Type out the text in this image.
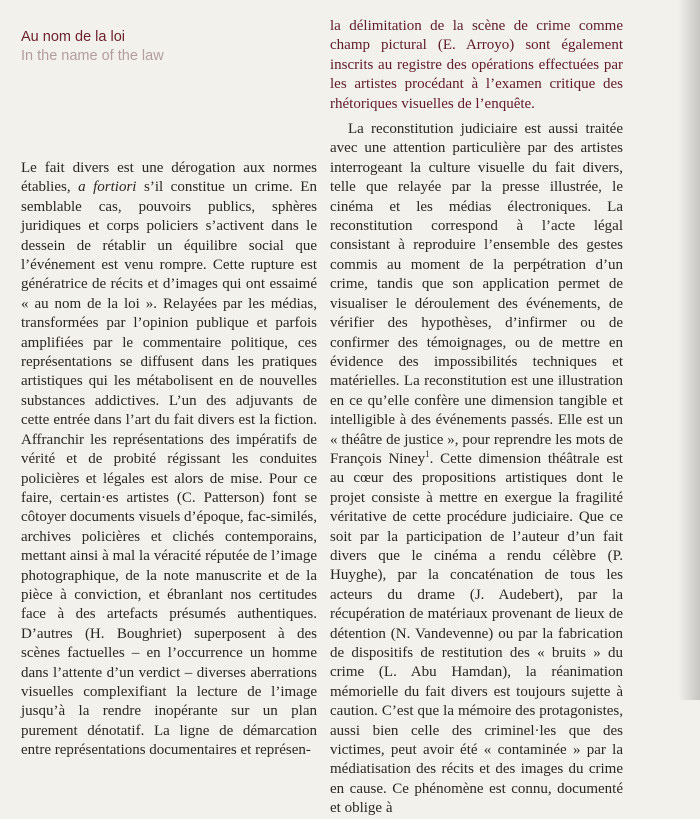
Au nom de la loi
In the name of the law

Le fait divers est une dérogation aux normes établies, a fortiori s’il constitue un crime. En semblable cas, pouvoirs publics, sphères juridiques et corps policiers s’activent dans le dessein de rétablir un équilibre social que l’événement est venu rompre. Cette rupture est génératrice de récits et d’images qui ont essaimé « au nom de la loi ». Relayées par les médias, transformées par l’opinion publique et parfois amplifiées par le commentaire politique, ces représentations se diffusent dans les pratiques artistiques qui les métabolisent en de nouvelles substances addictives. L’un des adjuvants de cette entrée dans l’art du fait divers est la fiction. Affranchir les représentations des impératifs de vérité et de probité régissant les conduites policières et légales est alors de mise. Pour ce faire, certain·es artistes (C. Patterson) font se côtoyer documents visuels d’époque, fac-similés, archives policières et clichés contemporains, mettant ainsi à mal la véracité réputée de l’image photographique, de la note manuscrite et de la pièce à conviction, et ébranlant nos certitudes face à des artefacts présumés authentiques. D’autres (H. Boughriet) superposent à des scènes factuelles – en l’occurrence un homme dans l’attente d’un verdict – diverses aberrations visuelles complexifiant la lecture de l’image jusqu’à la rendre inopérante sur un plan purement dénotatif. La ligne de démarcation entre représentations documentaires et représen-

la délimitation de la scène de crime comme champ pictural (E. Arroyo) sont également inscrits au registre des opérations effectuées par les artistes procédant à l’examen critique des rhétoriques visuelles de l’enquête.

La reconstitution judiciaire est aussi traitée avec une attention particulière par des artistes interrogeant la culture visuelle du fait divers, telle que relayée par la presse illustrée, le cinéma et les médias électroniques. La reconstitution correspond à l’acte légal consistant à reproduire l’ensemble des gestes commis au moment de la perpétration d’un crime, tandis que son application permet de visualiser le déroulement des événements, de vérifier des hypothèses, d’infirmer ou de confirmer des témoignages, ou de mettre en évidence des impossibilités techniques et matérielles. La reconstitution est une illustration en ce qu’elle confère une dimension tangible et intelligible à des événements passés. Elle est un « théâtre de justice », pour reprendre les mots de François Niney$^1$. Cette dimension théâtrale est au cœur des propositions artistiques dont le projet consiste à mettre en exergue la fragilité véritative de cette procédure judiciaire. Que ce soit par la participation de l’auteur d’un fait divers que le cinéma a rendu célèbre (P. Huyghe), par la concaténation de tous les acteurs du drame (J. Audebert), par la récupération de matériaux provenant de lieux de détention (N. Vandevenne) ou par la fabrication de dispositifs de restitution des « bruits » du crime (L. Abu Hamdan), la réanimation mémorielle du fait divers est toujours sujette à caution. C’est que la mémoire des protagonistes, aussi bien celle des criminel·les que des victimes, peut avoir été « contaminée » par la médiatisation des récits et des images du crime en cause. Ce phénomène est connu, documenté et oblige à
